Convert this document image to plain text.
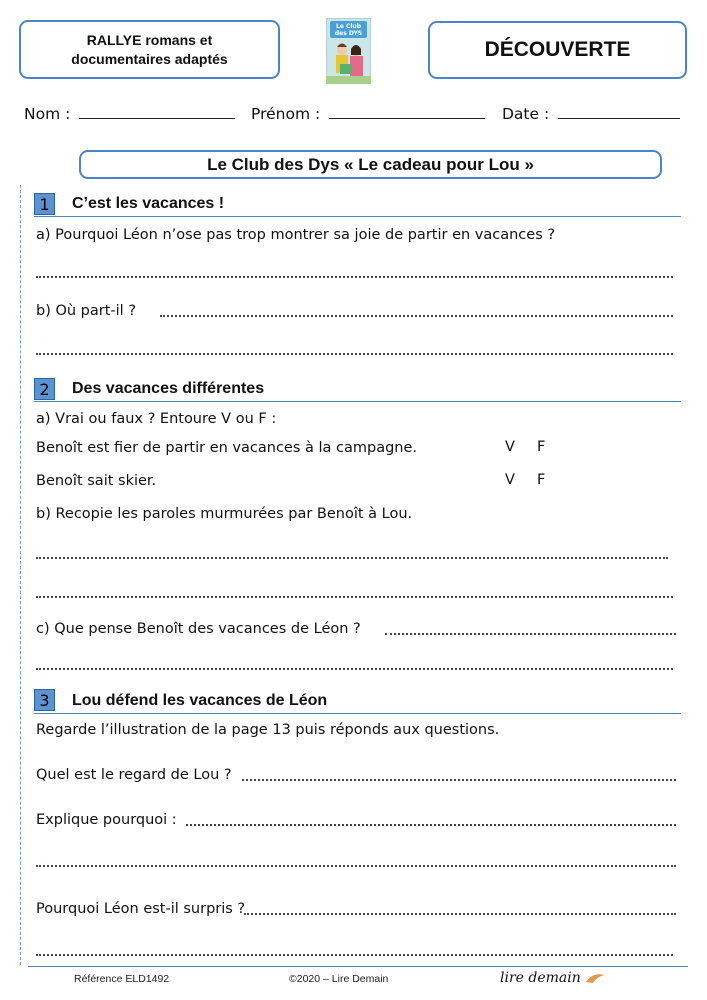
RALLYE romans et
documentaires adaptés
Le Club
des DYS
DÉCOUVERTE
Nom :	Prénom :	Date :
Le Club des Dys « Le cadeau pour Lou »
1	C’est les vacances !
a) Pourquoi Léon n’ose pas trop montrer sa joie de partir en vacances ?
b) Où part-il ?
2	Des vacances différentes
a) Vrai ou faux ? Entoure V ou F :
Benoît est fier de partir en vacances à la campagne.	V F
Benoît sait skier.	V F
b) Recopie les paroles murmurées par Benoît à Lou.
c) Que pense Benoît des vacances de Léon ?
3	Lou défend les vacances de Léon
Regarde l’illustration de la page 13 puis réponds aux questions.
Quel est le regard de Lou ?
Explique pourquoi :
Pourquoi Léon est-il surpris ?
Référence ELD1492	©2020 – Lire Demain	lire demain
